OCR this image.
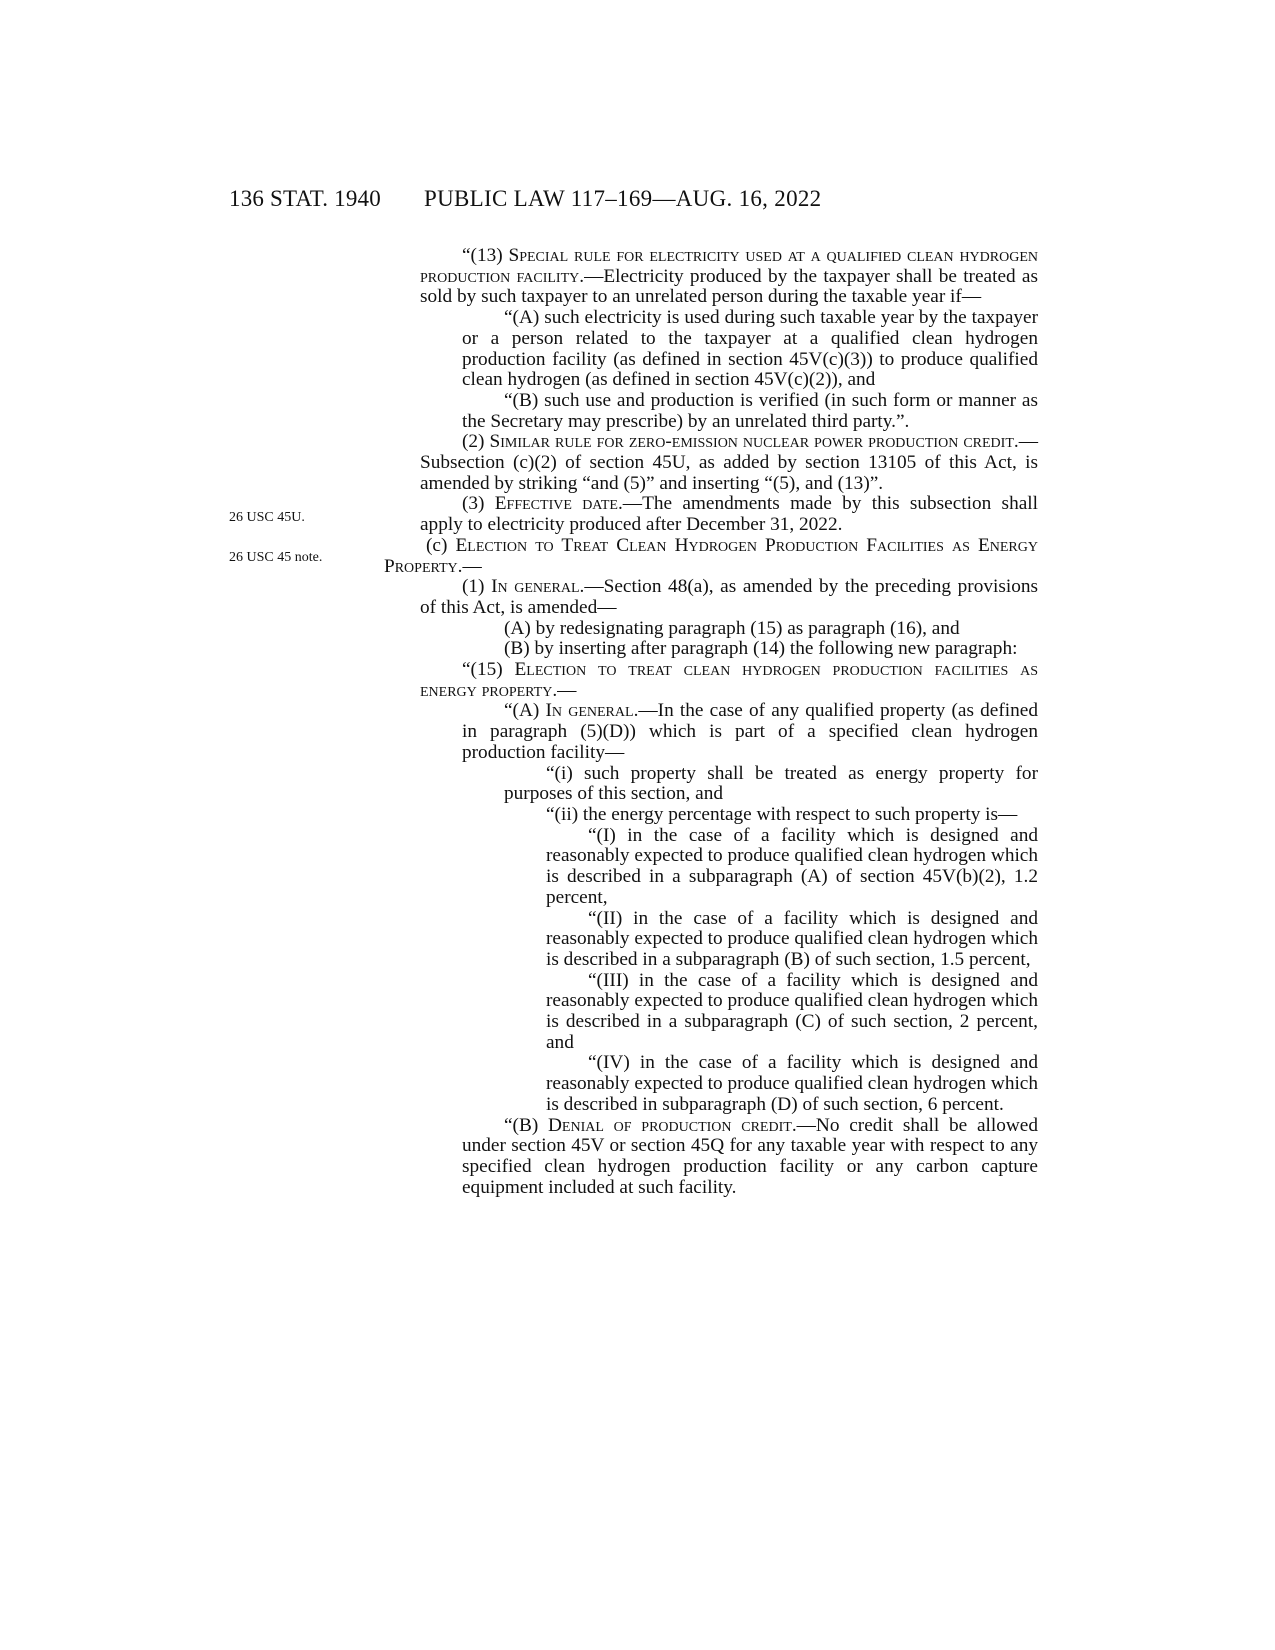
136 STAT. 1940 PUBLIC LAW 117–169—AUG. 16, 2022
26 USC 45U.
26 USC 45 note.

“(13) Special rule for electricity used at a qualified clean hydrogen production facility.—Electricity produced by the taxpayer shall be treated as sold by such taxpayer to an unrelated person during the taxable year if—

“(A) such electricity is used during such taxable year by the taxpayer or a person related to the taxpayer at a qualified clean hydrogen production facility (as defined in section 45V(c)(3)) to produce qualified clean hydrogen (as defined in section 45V(c)(2)), and

“(B) such use and production is verified (in such form or manner as the Secretary may prescribe) by an unrelated third party.”.

(2) Similar rule for zero-emission nuclear power production credit.—Subsection (c)(2) of section 45U, as added by section 13105 of this Act, is amended by striking “and (5)” and inserting “(5), and (13)”.

(3) Effective date.—The amendments made by this subsection shall apply to electricity produced after December 31, 2022.

(c) Election to Treat Clean Hydrogen Production Facilities as Energy Property.—

(1) In general.—Section 48(a), as amended by the preceding provisions of this Act, is amended—

(A) by redesignating paragraph (15) as paragraph (16), and

(B) by inserting after paragraph (14) the following new paragraph:

“(15) Election to treat clean hydrogen production facilities as energy property.—

“(A) In general.—In the case of any qualified property (as defined in paragraph (5)(D)) which is part of a specified clean hydrogen production facility—

“(i) such property shall be treated as energy property for purposes of this section, and

“(ii) the energy percentage with respect to such property is—

“(I) in the case of a facility which is designed and reasonably expected to produce qualified clean hydrogen which is described in a subparagraph (A) of section 45V(b)(2), 1.2 percent,

“(II) in the case of a facility which is designed and reasonably expected to produce qualified clean hydrogen which is described in a subparagraph (B) of such section, 1.5 percent,

“(III) in the case of a facility which is designed and reasonably expected to produce qualified clean hydrogen which is described in a subparagraph (C) of such section, 2 percent, and

“(IV) in the case of a facility which is designed and reasonably expected to produce qualified clean hydrogen which is described in subparagraph (D) of such section, 6 percent.

“(B) Denial of production credit.—No credit shall be allowed under section 45V or section 45Q for any taxable year with respect to any specified clean hydrogen production facility or any carbon capture equipment included at such facility.
